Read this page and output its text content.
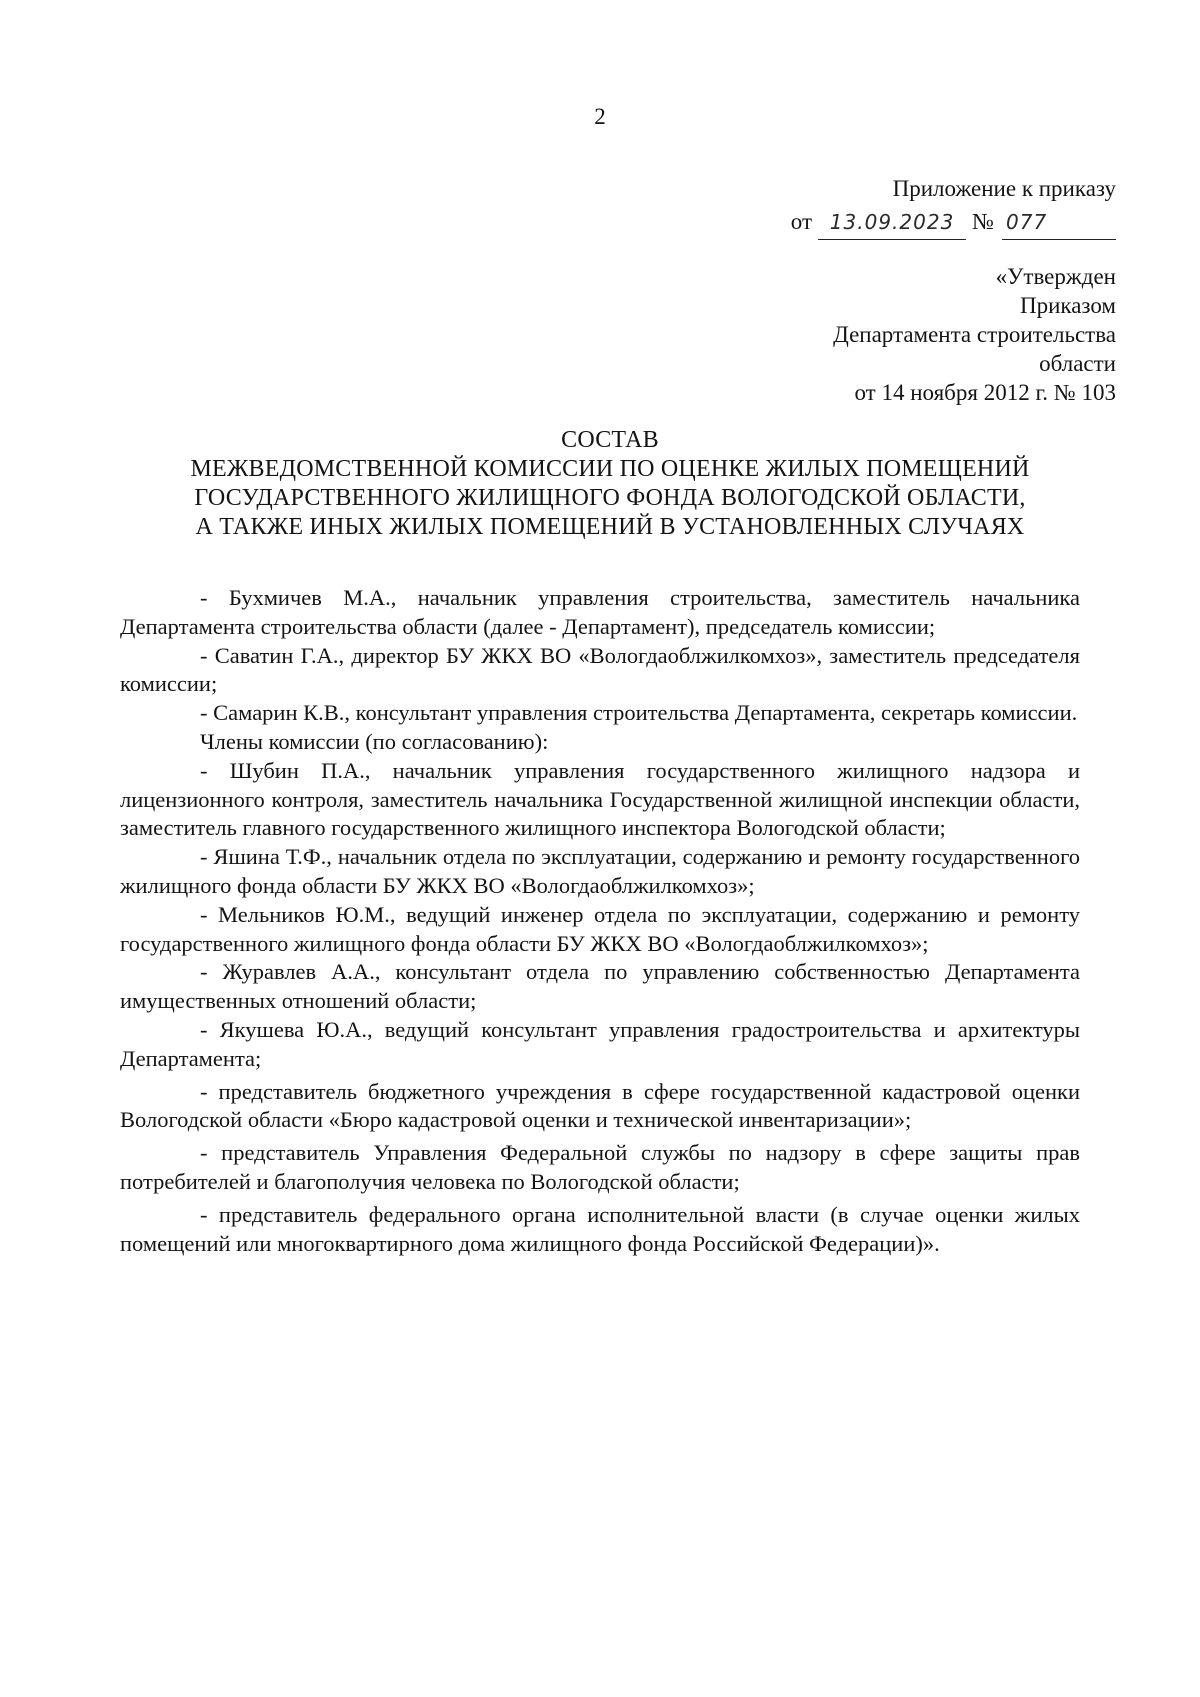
2
Приложение к приказу
от 13.09.2023 № 077
«Утвержден
Приказом
Департамента строительства
области
от 14 ноября 2012 г. № 103
СОСТАВ
МЕЖВЕДОМСТВЕННОЙ КОМИССИИ ПО ОЦЕНКЕ ЖИЛЫХ ПОМЕЩЕНИЙ
ГОСУДАРСТВЕННОГО ЖИЛИЩНОГО ФОНДА ВОЛОГОДСКОЙ ОБЛАСТИ,
А ТАКЖЕ ИНЫХ ЖИЛЫХ ПОМЕЩЕНИЙ В УСТАНОВЛЕННЫХ СЛУЧАЯХ

- Бухмичев М.А., начальник управления строительства, заместитель начальника Департамента строительства области (далее - Департамент), председатель комиссии;

- Саватин Г.А., директор БУ ЖКХ ВО «Вологдаоблжилкомхоз», заместитель председателя комиссии;

- Самарин К.В., консультант управления строительства Департамента, секретарь комиссии.

Члены комиссии (по согласованию):

- Шубин П.А., начальник управления государственного жилищного надзора и лицензионного контроля, заместитель начальника Государственной жилищной инспекции области, заместитель главного государственного жилищного инспектора Вологодской области;

- Яшина Т.Ф., начальник отдела по эксплуатации, содержанию и ремонту государственного жилищного фонда области БУ ЖКХ ВО «Вологдаоблжилкомхоз»;

- Мельников Ю.М., ведущий инженер отдела по эксплуатации, содержанию и ремонту государственного жилищного фонда области БУ ЖКХ ВО «Вологдаоблжилкомхоз»;

- Журавлев А.А., консультант отдела по управлению собственностью Департамента имущественных отношений области;

- Якушева Ю.А., ведущий консультант управления градостроительства и архитектуры Департамента;

- представитель бюджетного учреждения в сфере государственной кадастровой оценки Вологодской области «Бюро кадастровой оценки и технической инвентаризации»;

- представитель Управления Федеральной службы по надзору в сфере защиты прав потребителей и благополучия человека по Вологодской области;

- представитель федерального органа исполнительной власти (в случае оценки жилых помещений или многоквартирного дома жилищного фонда Российской Федерации)».
